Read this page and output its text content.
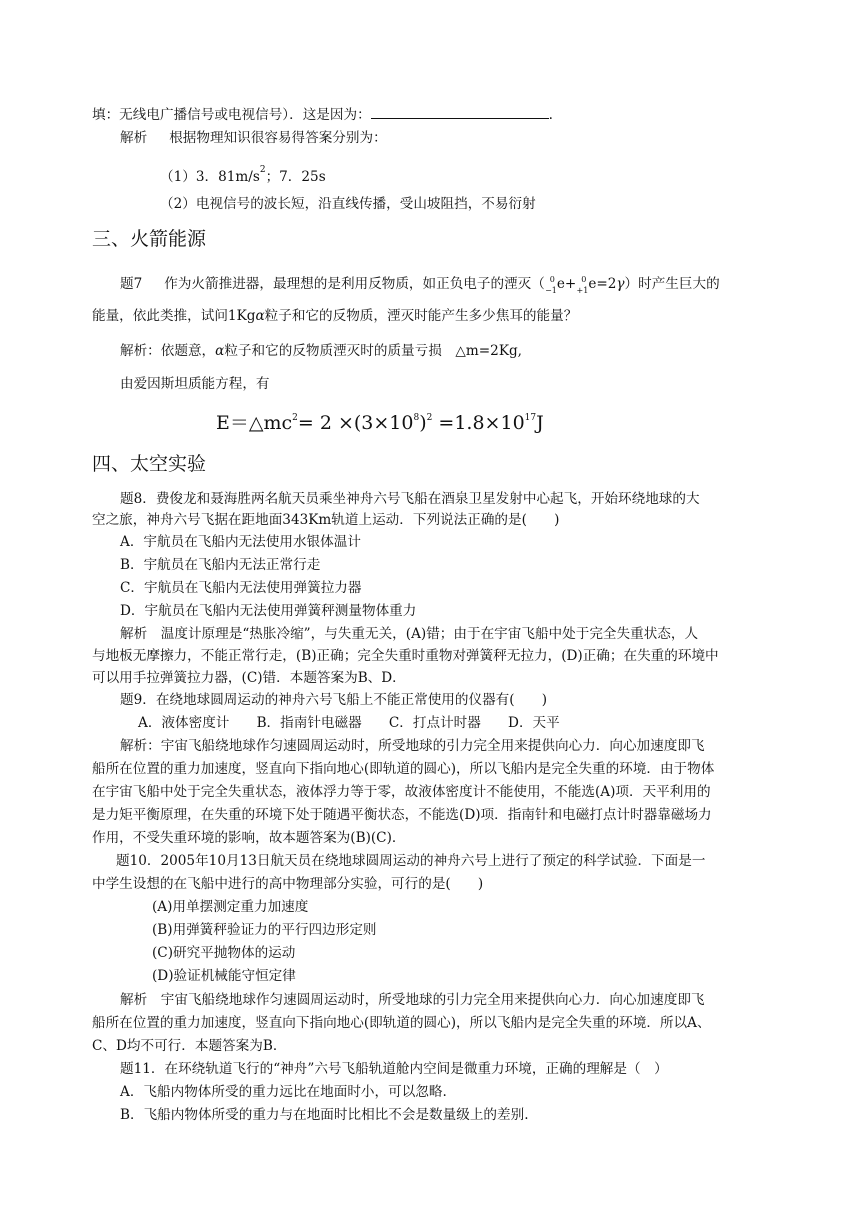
填：无线电广播信号或电视信号）．这是因为：	.
解析 根据物理知识很容易得答案分别为：
（1）3．$81m/s^2$；7．25s
（2）电视信号的波长短，沿直线传播，受山坡阻挡，不易衍射
三、火箭能源
题7 作为火箭推进器，最理想的是利用反物质，如正负电子的湮灭（ 0
−1 e+ 0
+1 e=2γ）时产生巨大的
能量，依此类推，试问1Kgα粒子和它的反物质，湮灭时能产生多少焦耳的能量？
解析：依题意，α粒子和它的反物质湮灭时的质量亏损　△m=2Kg,
由爱因斯坦质能方程，有
$E=\triangle mc^2= 2 \times(3\times 10^8)^2 =1.8\times 10^{17}J$
四、太空实验
题8．费俊龙和聂海胜两名航天员乘坐神舟六号飞船在酒泉卫星发射中心起飞，开始环绕地球的大
空之旅，神舟六号飞据在距地面343Km轨道上运动．下列说法正确的是(　　)
A．宇航员在飞船内无法使用水银体温计
B．宇航员在飞船内无法正常行走
C．宇航员在飞船内无法使用弹簧拉力器
D．宇航员在飞船内无法使用弹簧秤测量物体重力
解析　温度计原理是“热胀冷缩”，与失重无关，(A)错；由于在宇宙飞船中处于完全失重状态，人
与地板无摩擦力，不能正常行走，(B)正确；完全失重时重物对弹簧秤无拉力，(D)正确；在失重的环境中
可以用手拉弹簧拉力器，(C)错．本题答案为B、D．
题9．在绕地球圆周运动的神舟六号飞船上不能正常使用的仪器有(　　)
A．液体密度计　　B．指南针电磁器　　C．打点计时器　　D．天平
解析：宇宙飞船绕地球作匀速圆周运动时，所受地球的引力完全用来提供向心力．向心加速度即飞
船所在位置的重力加速度，竖直向下指向地心(即轨道的圆心)，所以飞船内是完全失重的环境．由于物体
在宇宙飞船中处于完全失重状态，液体浮力等于零，故液体密度计不能使用，不能选(A)项．天平利用的
是力矩平衡原理，在失重的环境下处于随遇平衡状态，不能选(D)项．指南针和电磁打点计时器靠磁场力
作用，不受失重环境的影响，故本题答案为(B)(C)．
题10．2005年10月13日航天员在绕地球圆周运动的神舟六号上进行了预定的科学试验．下面是一
中学生设想的在飞船中进行的高中物理部分实验，可行的是(　　)
(A)用单摆测定重力加速度
(B)用弹簧秤验证力的平行四边形定则
(C)研究平抛物体的运动
(D)验证机械能守恒定律
解析　宇宙飞船绕地球作匀速圆周运动时，所受地球的引力完全用来提供向心力．向心加速度即飞
船所在位置的重力加速度，竖直向下指向地心(即轨道的圆心)，所以飞船内是完全失重的环境．所以A、
C、D均不可行．本题答案为B．
题11．在环绕轨道飞行的“神舟”六号飞船轨道舱内空间是微重力环境，正确的理解是（　）
A．飞船内物体所受的重力远比在地面时小，可以忽略.
B．飞船内物体所受的重力与在地面时比相比不会是数量级上的差别.
